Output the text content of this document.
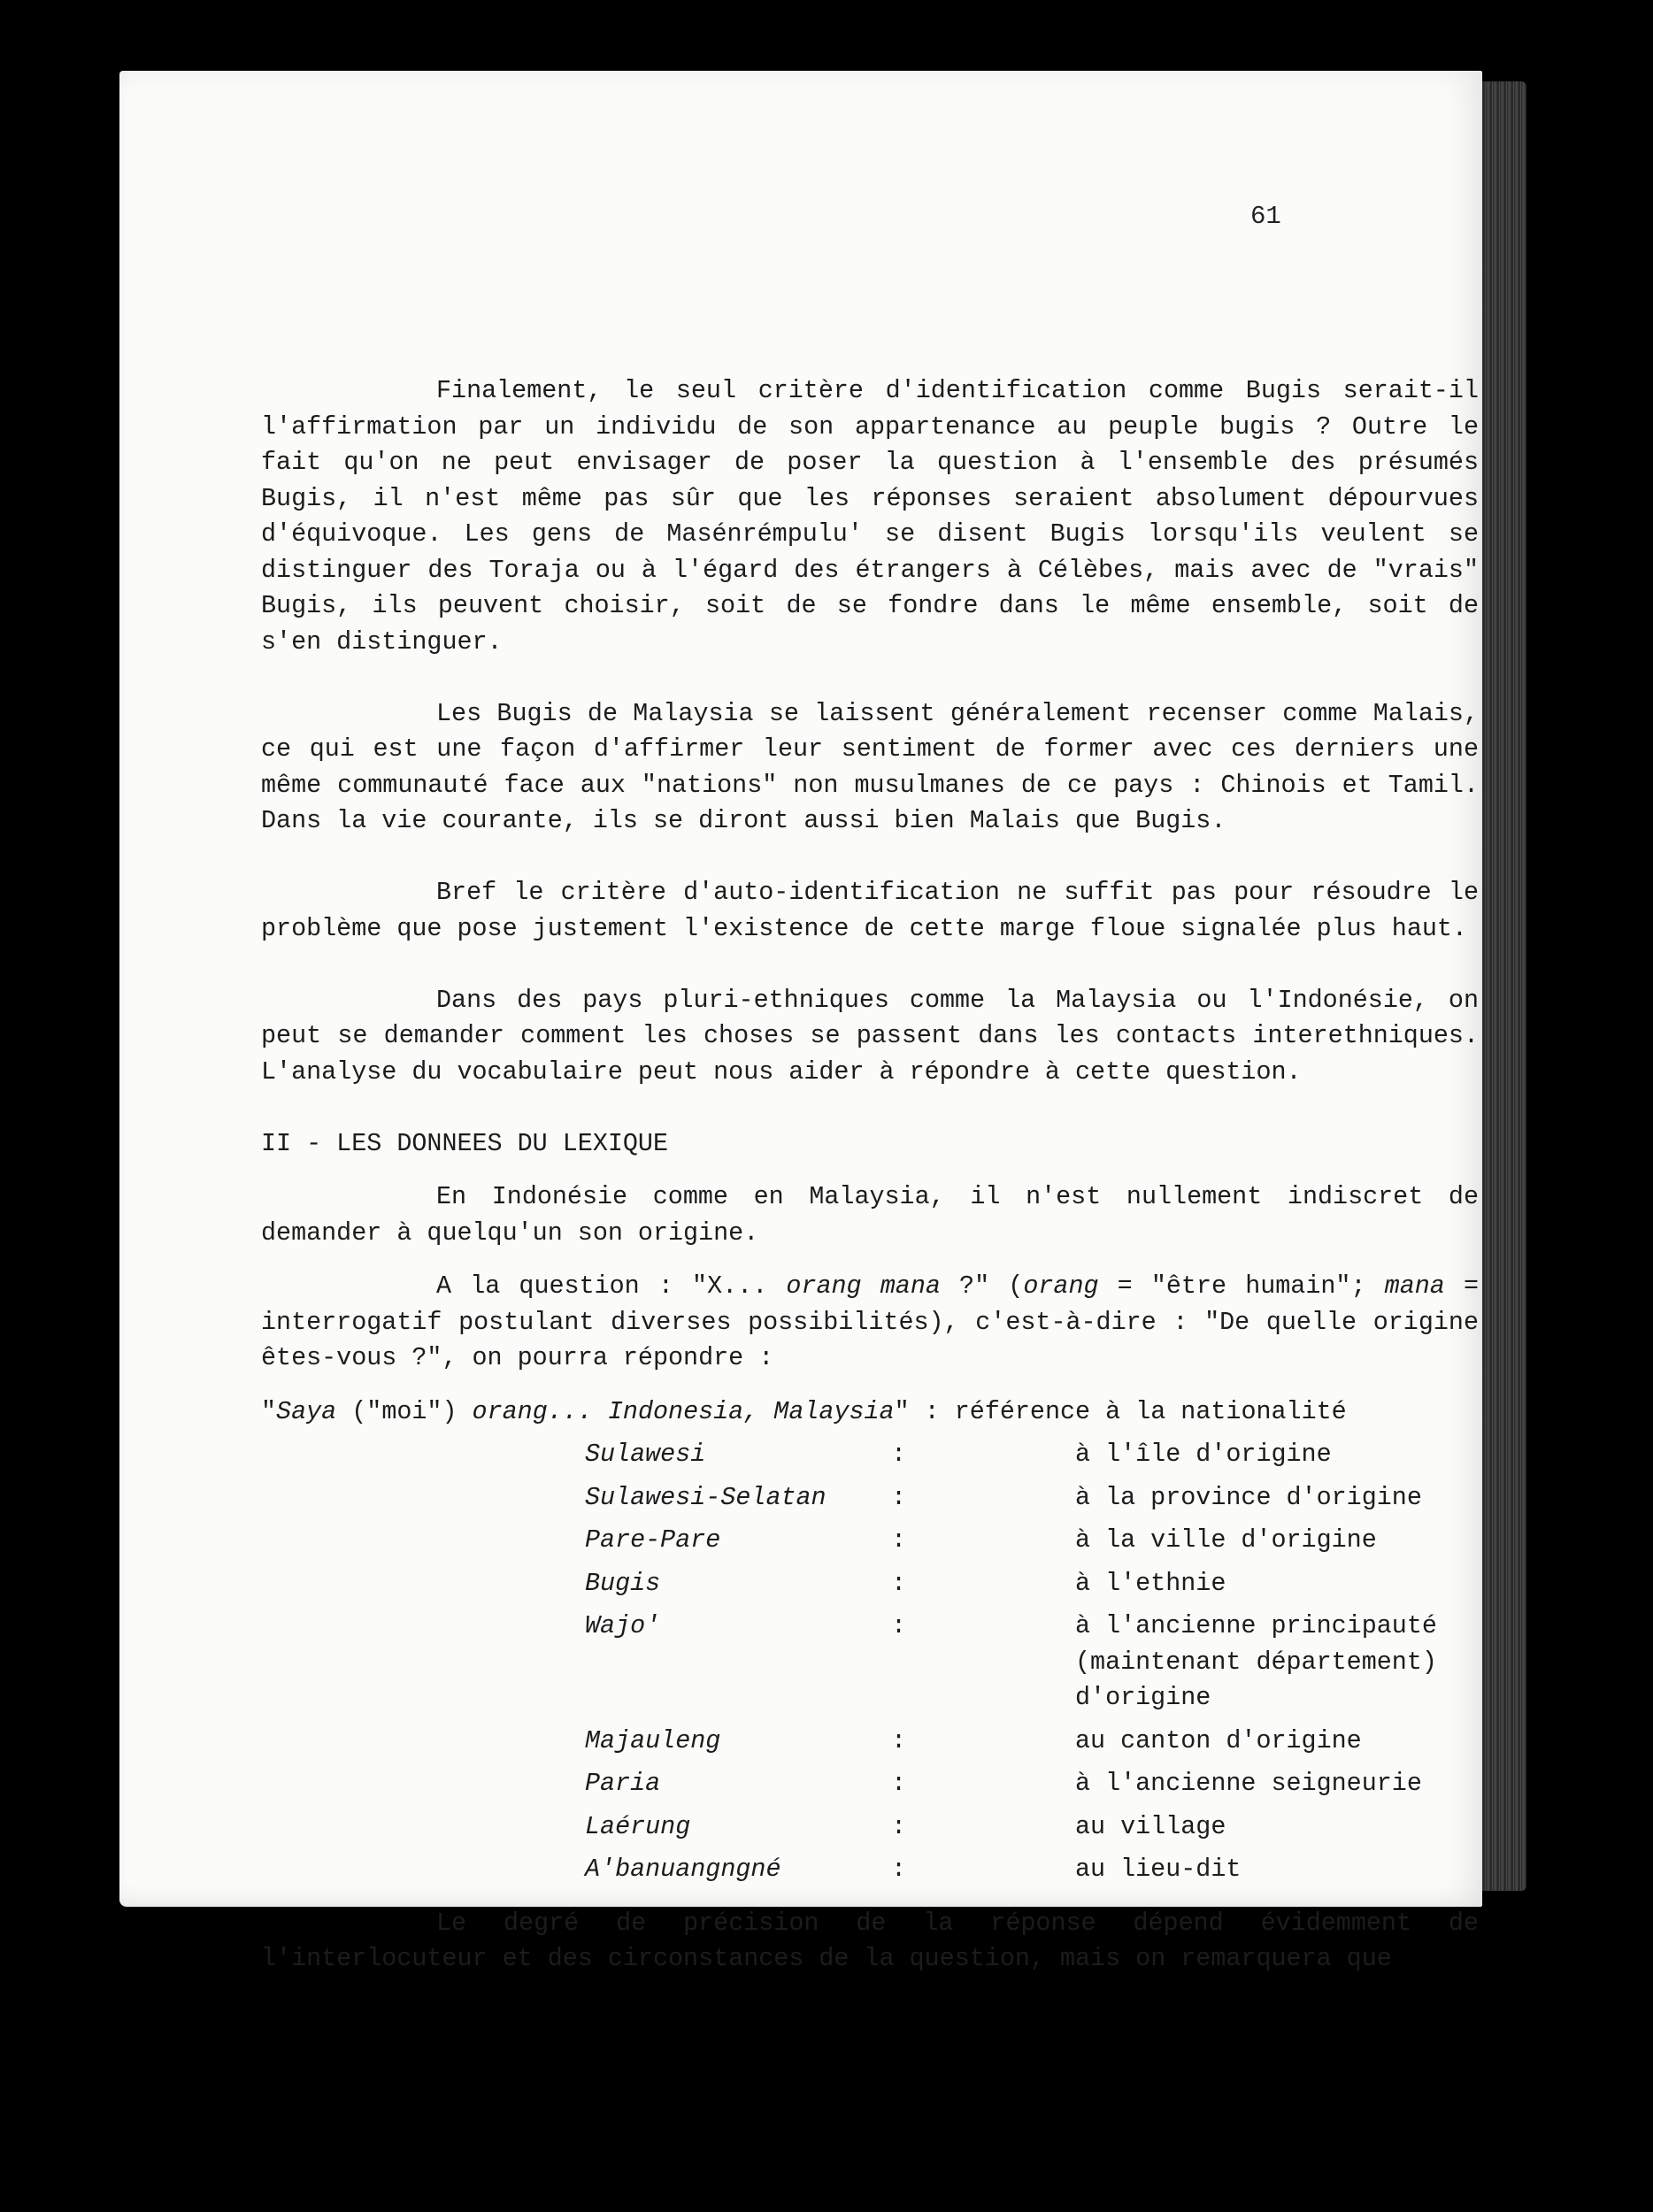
61

Finalement, le seul critère d'identification comme Bugis serait-il l'affirmation par un individu de son appartenance au peuple bugis ? Outre le fait qu'on ne peut envisager de poser la question à l'ensemble des présumés Bugis, il n'est même pas sûr que les réponses seraient absolument dépourvues d'équivoque. Les gens de Masénrémpulu' se disent Bugis lorsqu'ils veulent se distinguer des Toraja ou à l'égard des étrangers à Célèbes, mais avec de "vrais" Bugis, ils peuvent choisir, soit de se fondre dans le même ensemble, soit de s'en distinguer.

Les Bugis de Malaysia se laissent généralement recenser comme Malais, ce qui est une façon d'affirmer leur sentiment de former avec ces derniers une même communauté face aux "nations" non musulmanes de ce pays : Chinois et Tamil. Dans la vie courante, ils se diront aussi bien Malais que Bugis.

Bref le critère d'auto-identification ne suffit pas pour résoudre le problème que pose justement l'existence de cette marge floue signalée plus haut.

Dans des pays pluri-ethniques comme la Malaysia ou l'Indonésie, on peut se demander comment les choses se passent dans les contacts interethniques. L'analyse du vocabulaire peut nous aider à répondre à cette question.

II - LES DONNEES DU LEXIQUE

En Indonésie comme en Malaysia, il n'est nullement indiscret de demander à quelqu'un son origine.

A la question : "X... orang mana ?" (orang = "être humain"; mana = interrogatif postulant diverses possibilités), c'est-à-dire : "De quelle origine êtes-vous ?", on pourra répondre :

"Saya ("moi") orang... Indonesia, Malaysia" : référence à la nationalité
Sulawesi	:	à l'île d'origine
Sulawesi-Selatan	:	à la province d'origine
Pare-Pare	:	à la ville d'origine
Bugis	:	à l'ethnie
Wajo'	:	à l'ancienne principauté (maintenant département) d'origine
Majauleng	:	au canton d'origine
Paria	:	à l'ancienne seigneurie
Laérung	:	au village
A'banuangngné	:	au lieu-dit

Le degré de précision de la réponse dépend évidemment de l'interlocuteur et des circonstances de la question, mais on remarquera que
